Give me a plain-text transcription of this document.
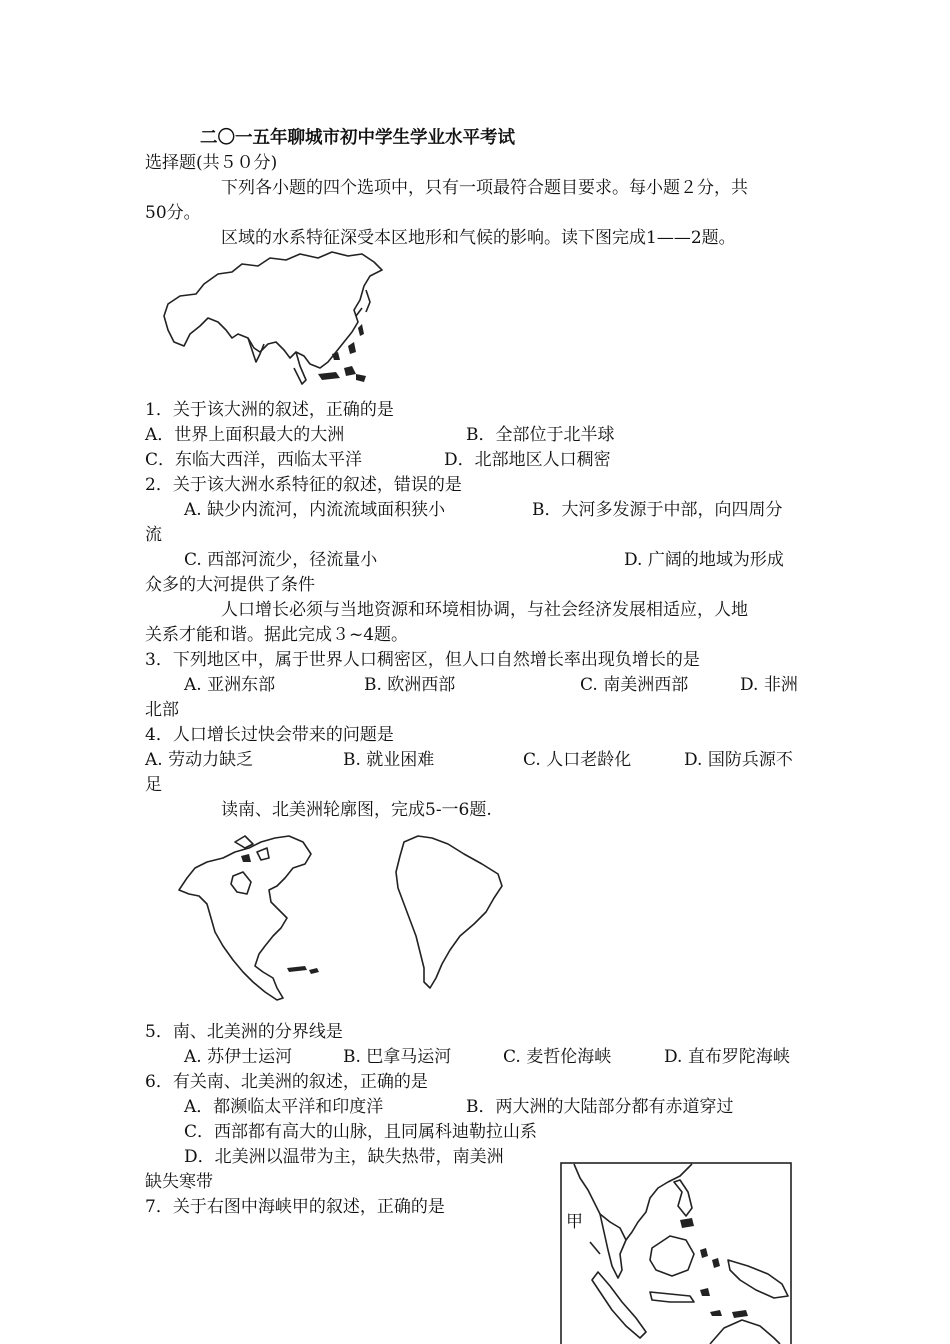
二〇一五年聊城市初中学生学业水平考试
选择题(共５０分)
下列各小题的四个选项中，只有一项最符合题目要求。每小题２分，共
50分。
区域的水系特征深受本区地形和气候的影响。读下图完成1——2题。
1．关于该大洲的叙述，正确的是
A．世界上面积最大的大洲	B．全部位于北半球
C．东临大西洋，西临太平洋	D．北部地区人口稠密
2．关于该大洲水系特征的叙述，错误的是
A. 缺少内流河，内流流域面积狭小	B．大河多发源于中部，向四周分
流
C. 西部河流少，径流量小	D. 广阔的地域为形成
众多的大河提供了条件
人口增长必须与当地资源和环境相协调，与社会经济发展相适应，人地
关系才能和谐。据此完成３~4题。
3．下列地区中，属于世界人口稠密区，但人口自然增长率出现负增长的是
A. 亚洲东部	B. 欧洲西部	C. 南美洲西部	D. 非洲
北部
4．人口增长过快会带来的问题是
A. 劳动力缺乏	B. 就业困难	C. 人口老龄化	D. 国防兵源不
足
读南、北美洲轮廓图，完成5-一6题.
5．南、北美洲的分界线是
A. 苏伊士运河	B. 巴拿马运河	C. 麦哲伦海峡	D. 直布罗陀海峡
6．有关南、北美洲的叙述，正确的是
A．都濒临太平洋和印度洋	B．两大洲的大陆部分都有赤道穿过
C．西部都有高大的山脉，且同属科迪勒拉山系
D．北美洲以温带为主，缺失热带，南美洲
缺失寒带
7．关于右图中海峡甲的叙述，正确的是
甲
